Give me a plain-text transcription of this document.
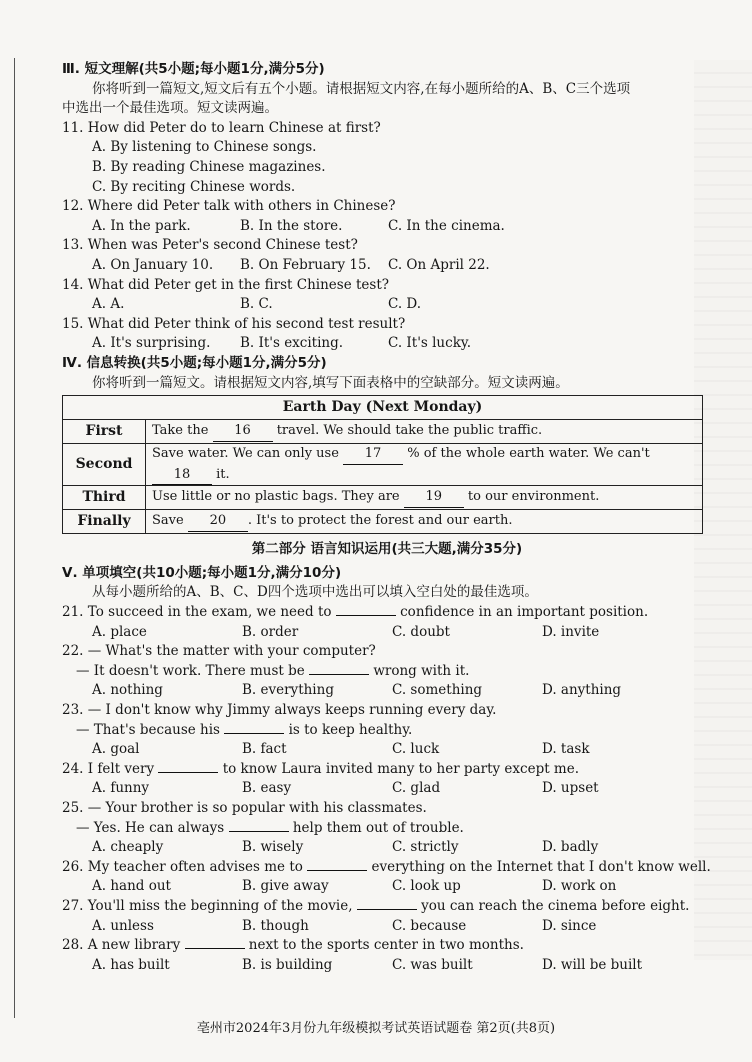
Ⅲ. 短文理解(共5小题;每小题1分,满分5分)
你将听到一篇短文,短文后有五个小题。请根据短文内容,在每小题所给的A、B、C三个选项
中选出一个最佳选项。短文读两遍。
11. How did Peter do to learn Chinese at first?
A. By listening to Chinese songs.
B. By reading Chinese magazines.
C. By reciting Chinese words.
12. Where did Peter talk with others in Chinese?
A. In the park.	B. In the store.	C. In the cinema.
13. When was Peter's second Chinese test?
A. On January 10.	B. On February 15.	C. On April 22.
14. What did Peter get in the first Chinese test?
A. A.	B. C.	C. D.
15. What did Peter think of his second test result?
A. It's surprising.	B. It's exciting.	C. It's lucky.
Ⅳ. 信息转换(共5小题;每小题1分,满分5分)
你将听到一篇短文。请根据短文内容,填写下面表格中的空缺部分。短文读两遍。
Earth Day (Next Monday)	
First	Take the 16 travel. We should take the public traffic.
Second	Save water. We can only use 17 % of the whole earth water. We can't 18 it.
Third	Use little or no plastic bags. They are 19 to our environment.
Finally	Save 20 . It's to protect the forest and our earth.
第二部分 语言知识运用(共三大题,满分35分)
Ⅴ. 单项填空(共10小题;每小题1分,满分10分)
从每小题所给的A、B、C、D四个选项中选出可以填入空白处的最佳选项。
21. To succeed in the exam, we need to	confidence in an important position.
A. place	B. order	C. doubt	D. invite
22. — What's the matter with your computer?
— It doesn't work. There must be	wrong with it.
A. nothing	B. everything	C. something	D. anything
23. — I don't know why Jimmy always keeps running every day.
— That's because his	is to keep healthy.
A. goal	B. fact	C. luck	D. task
24. I felt very	to know Laura invited many to her party except me.
A. funny	B. easy	C. glad	D. upset
25. — Your brother is so popular with his classmates.
— Yes. He can always	help them out of trouble.
A. cheaply	B. wisely	C. strictly	D. badly
26. My teacher often advises me to	everything on the Internet that I don't know well.
A. hand out	B. give away	C. look up	D. work on
27. You'll miss the beginning of the movie,	you can reach the cinema before eight.
A. unless	B. though	C. because	D. since
28. A new library	next to the sports center in two months.
A. has built	B. is building	C. was built	D. will be built
亳州市2024年3月份九年级模拟考试英语试题卷 第2页(共8页)
